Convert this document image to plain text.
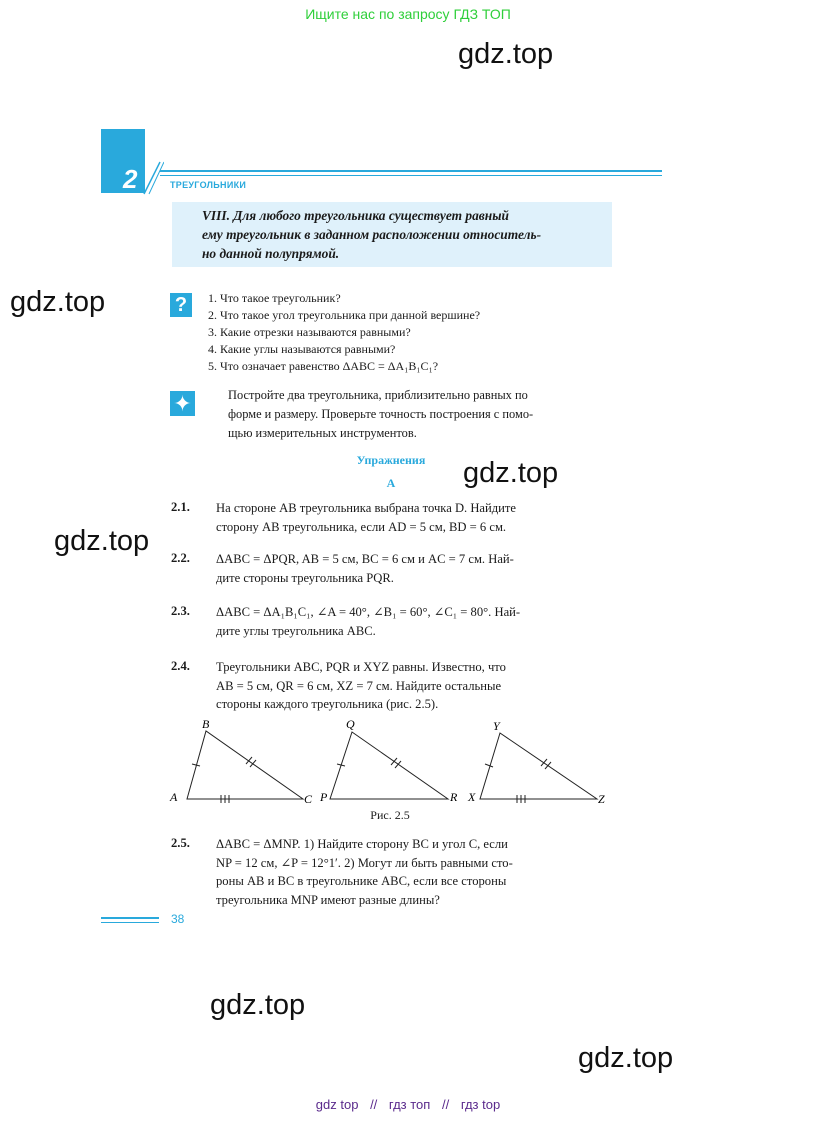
Ищите нас по запросу ГДЗ ТОП
gdz.top
gdz.top
gdz.top
gdz.top
gdz.top
gdz.top
2	ТРЕУГОЛЬНИКИ
VIII. Для любого треугольника существует равный
ему треугольник в заданном расположении относитель-
но данной полупрямой.
?	1. Что такое треугольник?
2. Что такое угол треугольника при данной вершине?
3. Какие отрезки называются равными?
4. Какие углы называются равными?
5. Что означает равенство ΔABC = ΔA₁B₁C₁?
✦	Постройте два треугольника, приблизительно равных по
форме и размеру. Проверьте точность построения с помо-
щью измерительных инструментов.
Упражнения
A
2.1. На стороне AB треугольника выбрана точка D. Найдите
сторону AB треугольника, если AD = 5 см, BD = 6 см.
2.2. ΔABC = ΔPQR, AB = 5 см, BC = 6 см и AC = 7 см. Най-
дите стороны треугольника PQR.
2.3. ΔABC = ΔA₁B₁C₁, ∠A = 40°, ∠B₁ = 60°, ∠C₁ = 80°. Най-
дите углы треугольника ABC.
2.4. Треугольники ABC, PQR и XYZ равны. Известно, что
AB = 5 см, QR = 6 см, XZ = 7 см. Найдите остальные
стороны каждого треугольника (рис. 2.5).
A
B
C P
Q
R X
Y
Z
Рис. 2.5
2.5. ΔABC = ΔMNP. 1) Найдите сторону BC и угол C, если
NP = 12 см, ∠P = 12°1′. 2) Могут ли быть равными сто-
роны AB и BC в треугольнике ABC, если все стороны
треугольника MNP имеют разные длины?
38
gdz top // гдз топ // гдз top
